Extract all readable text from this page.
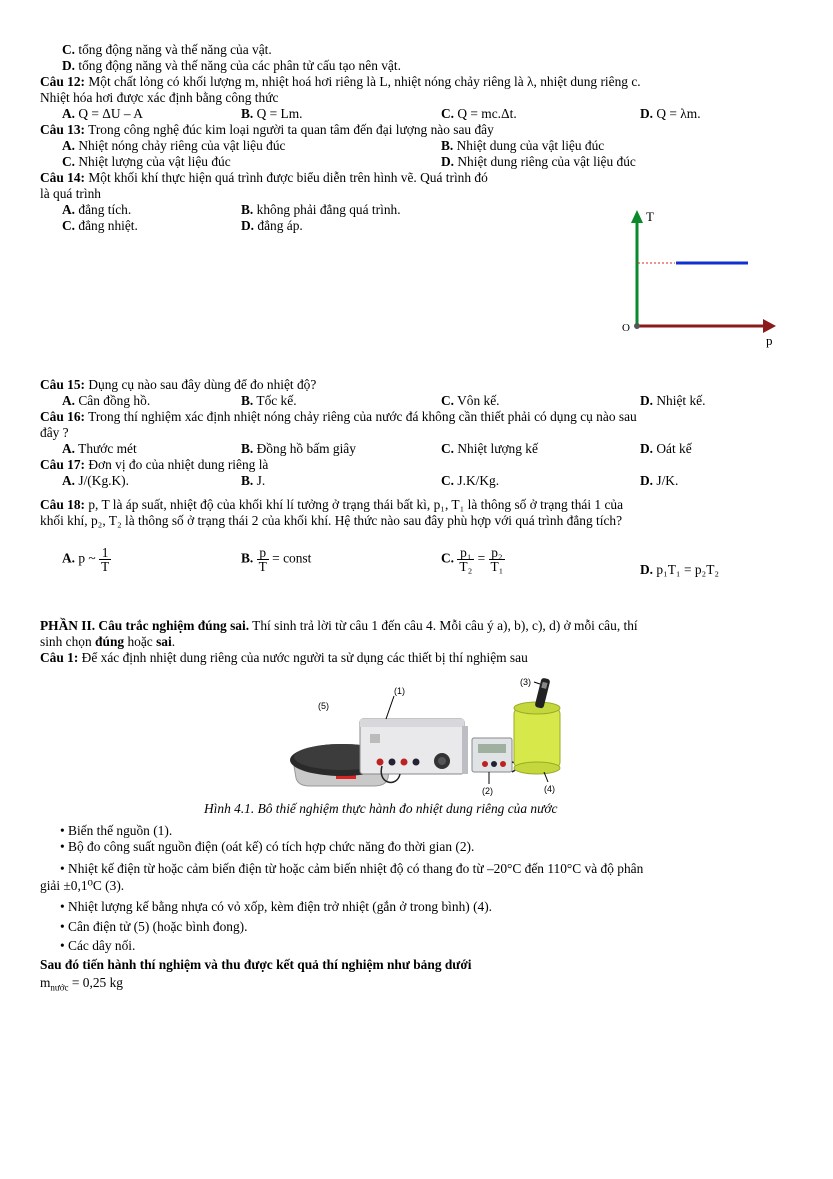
C. tổng động năng và thế năng của vật.
D. tổng động năng và thế năng của các phân tử cấu tạo nên vật.
Câu 12: Một chất lỏng có khối lượng m, nhiệt hoá hơi riêng là L, nhiệt nóng chảy riêng là λ, nhiệt dung riêng c.
Nhiệt hóa hơi được xác định bằng công thức
A. Q = ΔU – A	B. Q = Lm.	C. Q = mc.Δt.	D. Q = λm.
Câu 13: Trong công nghệ đúc kim loại người ta quan tâm đến đại lượng nào sau đây
A. Nhiệt nóng chảy riêng của vật liệu đúc	B. Nhiệt dung của vật liệu đúc
C. Nhiệt lượng của vật liệu đúc	D. Nhiệt dung riêng của vật liệu đúc
Câu 14: Một khối khí thực hiện quá trình được biểu diễn trên hình vẽ. Quá trình đó
là quá trình
A. đẳng tích.	B. không phải đẳng quá trình.
C. đẳng nhiệt.	D. đẳng áp.
T
p
O
Câu 15: Dụng cụ nào sau đây dùng để đo nhiệt độ?
A. Cân đồng hồ.	B. Tốc kế.	C. Vôn kế.	D. Nhiệt kế.
Câu 16: Trong thí nghiệm xác định nhiệt nóng chảy riêng của nước đá không cần thiết phải có dụng cụ nào sau
đây ?
A. Thước mét	B. Đồng hồ bấm giây	C. Nhiệt lượng kế	D. Oát kế
Câu 17: Đơn vị đo của nhiệt dung riêng là
A. J/(Kg.K).	B. J.	C. J.K/Kg.	D. J/K.
Câu 18: p, T là áp suất, nhiệt độ của khối khí lí tưởng ở trạng thái bất kì, p₁, T₁ là thông số ở trạng thái 1 của
khối khí, p₂, T₂ là thông số ở trạng thái 2 của khối khí. Hệ thức nào sau đây phù hợp với quá trình đẳng tích?
A. p ~ $\frac{1}{T}$	B. $\frac{p}{T}$ = const	C. $\frac{\text{p₁}}{\text{T₂}} = \frac{\text{p₂}}{\text{T₁}}$	D. p₁T₁ = p₂T₂
PHẦN II. Câu trắc nghiệm đúng sai. Thí sinh trả lời từ câu 1 đến câu 4. Mỗi câu ý a), b), c), d) ở mỗi câu, thí
sinh chọn đúng hoặc sai.
Câu 1: Để xác định nhiệt dung riêng của nước người ta sử dụng các thiết bị thí nghiệm sau
(1)
(2)
(3)
(4)
(5)
Hình 4.1. Bô thiế nghiệm thực hành đo nhiệt dung riêng của nước
• Biến thế nguồn (1).
• Bộ đo công suất nguồn điện (oát kế) có tích hợp chức năng đo thời gian (2).
• Nhiệt kế điện từ hoặc cảm biến điện từ hoặc cảm biến nhiệt độ có thang đo từ –20°C đến 110°C và độ phân
giải ±0,1⁰C (3).
• Nhiệt lượng kế bằng nhựa có vỏ xốp, kèm điện trở nhiệt (gắn ở trong bình) (4).
• Cân điện tử (5) (hoặc bình đong).
• Các dây nối.
Sau đó tiến hành thí nghiệm và thu được kết quả thí nghiệm như bảng dưới
$m_{nước} = 0,25$ kg
